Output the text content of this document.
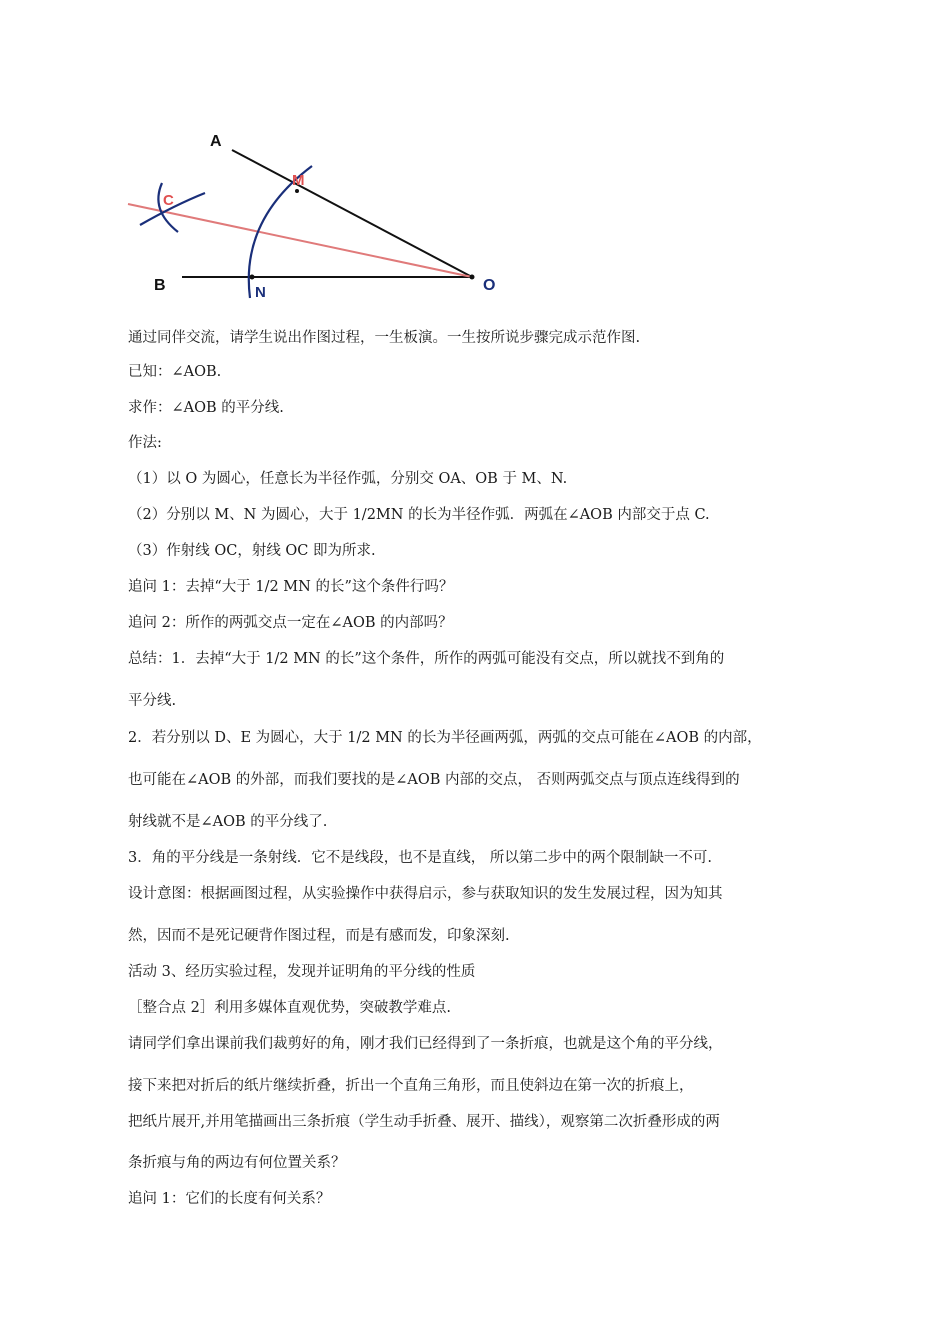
A
B	O
M
N
C
通过同伴交流，请学生说出作图过程，一生板演。一生按所说步骤完成示范作图.
已知：∠AOB.
求作：∠AOB 的平分线.
作法:
（1）以 O 为圆心，任意长为半径作弧，分别交 OA、OB 于 M、N.
（2）分别以 M、N 为圆心，大于 1/2MN 的长为半径作弧．两弧在∠AOB 内部交于点 C.
（3）作射线 OC，射线 OC 即为所求.
追问 1：去掉“大于 1/2 MN 的长”这个条件行吗？
追问 2：所作的两弧交点一定在∠AOB 的内部吗？
总结：1．去掉“大于 1/2 MN 的长”这个条件，所作的两弧可能没有交点，所以就找不到角的
平分线.
2．若分别以 D、E 为圆心，大于 1/2 MN 的长为半径画两弧，两弧的交点可能在∠AOB 的内部，
也可能在∠AOB 的外部，而我们要找的是∠AOB 内部的交点， 否则两弧交点与顶点连线得到的
射线就不是∠AOB 的平分线了.
3．角的平分线是一条射线．它不是线段，也不是直线， 所以第二步中的两个限制缺一不可.
设计意图：根据画图过程，从实验操作中获得启示，参与获取知识的发生发展过程，因为知其
然，因而不是死记硬背作图过程，而是有感而发，印象深刻.
活动 3、经历实验过程，发现并证明角的平分线的性质
［整合点 2］利用多媒体直观优势，突破教学难点.
请同学们拿出课前我们裁剪好的角，刚才我们已经得到了一条折痕，也就是这个角的平分线，
接下来把对折后的纸片继续折叠，折出一个直角三角形，而且使斜边在第一次的折痕上，
把纸片展开,并用笔描画出三条折痕（学生动手折叠、展开、描线），观察第二次折叠形成的两
条折痕与角的两边有何位置关系？
追问 1：它们的长度有何关系？
